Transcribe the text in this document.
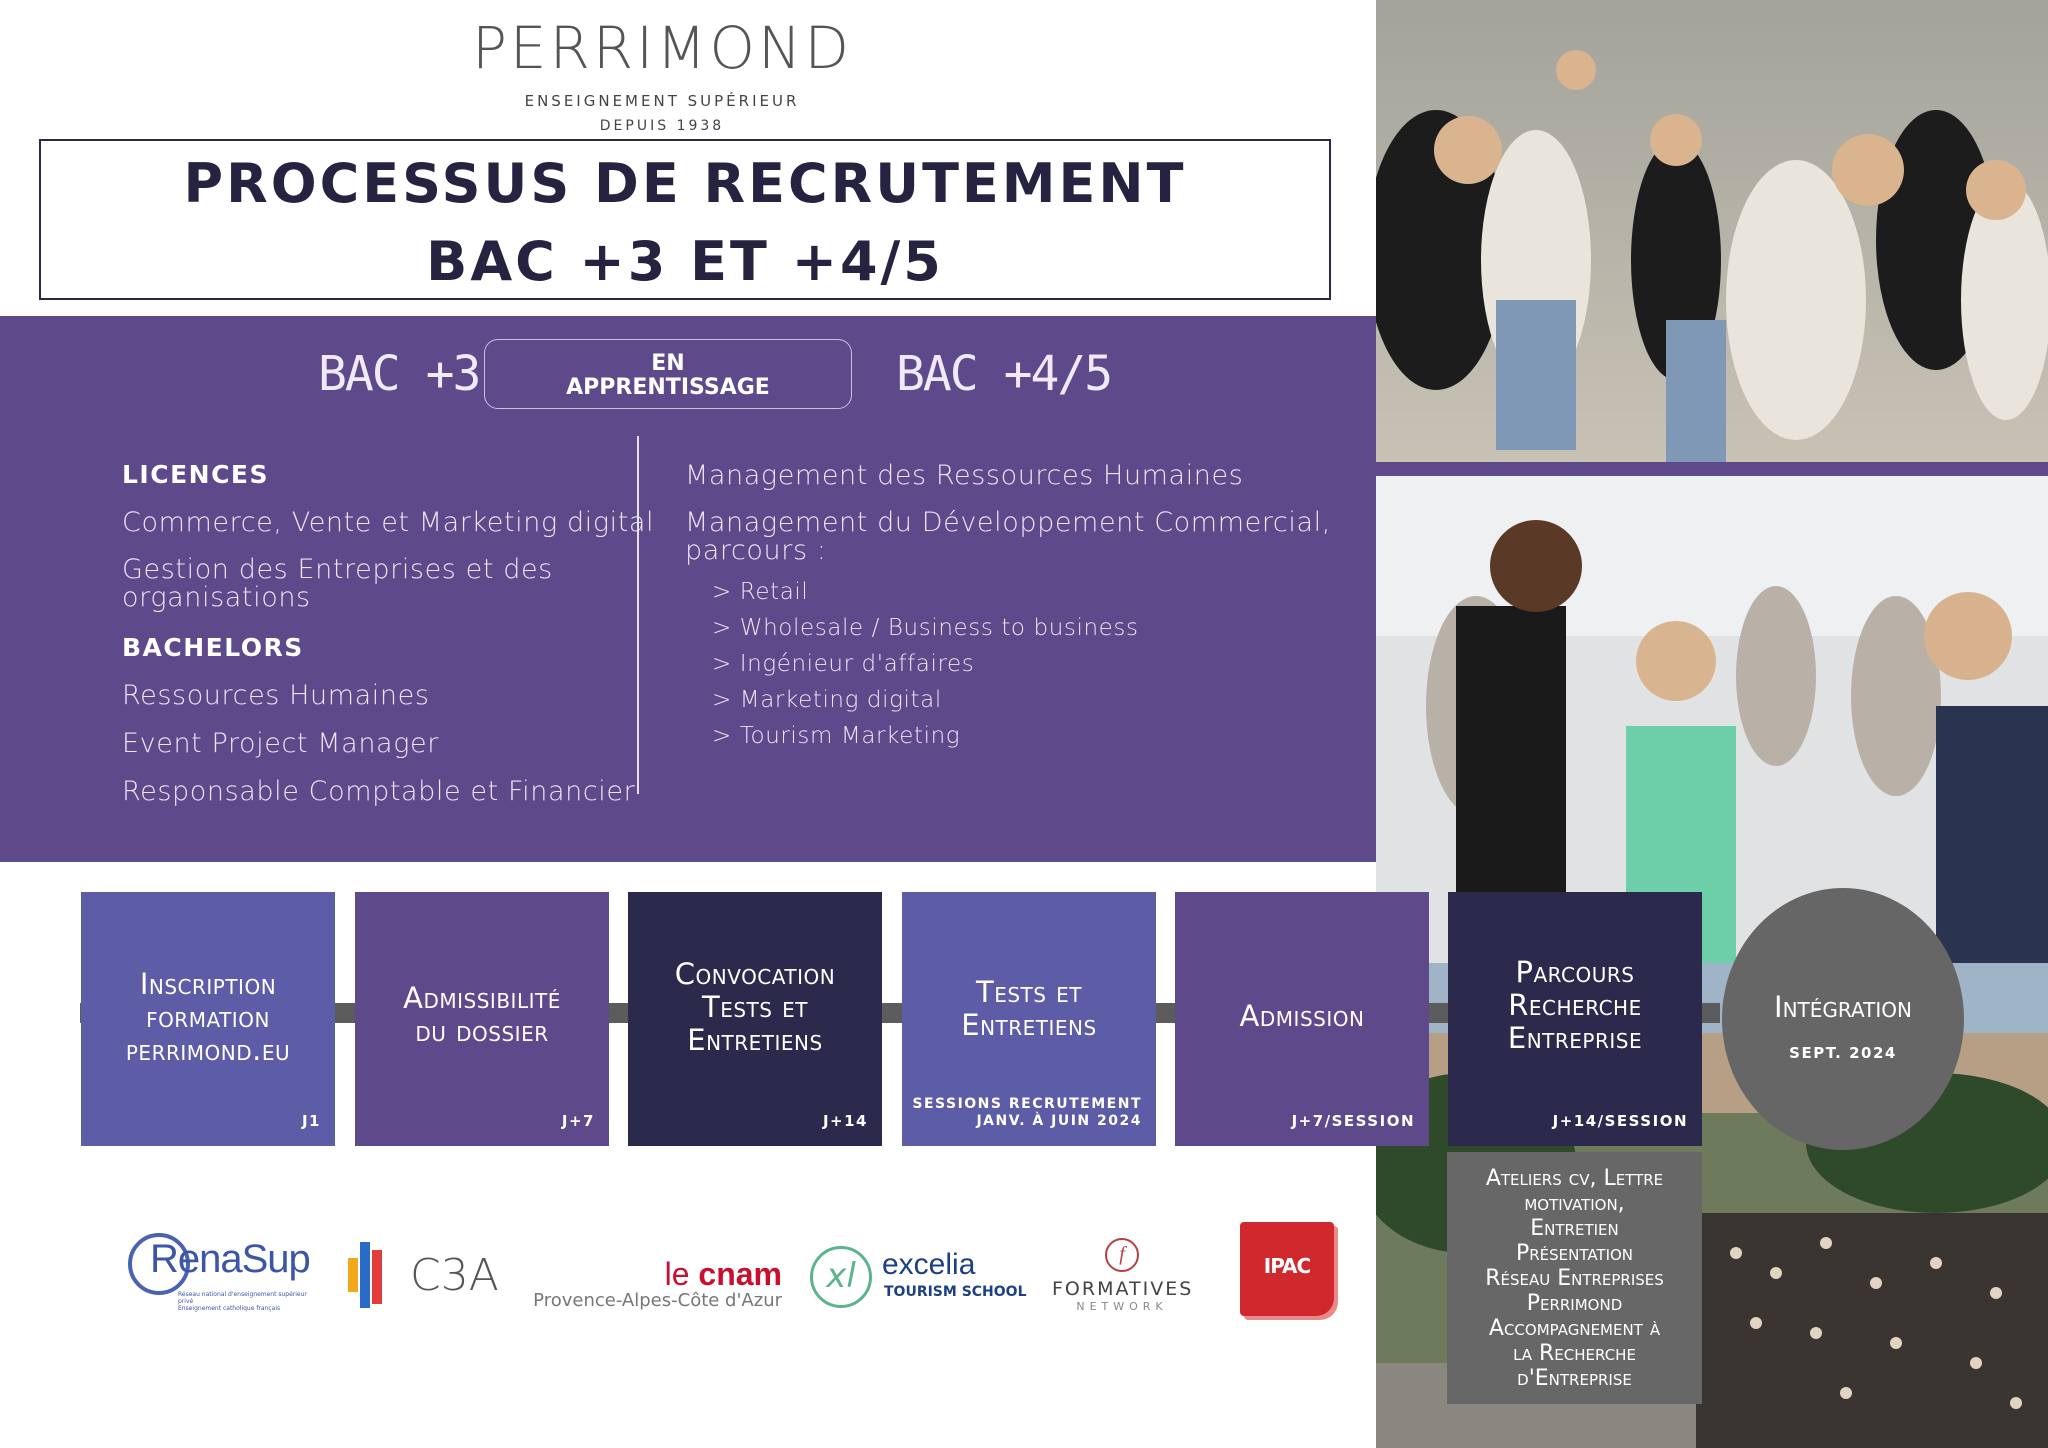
PERRIMOND
ENSEIGNEMENT SUPÉRIEUR
DEPUIS 1938
PROCESSUS DE RECRUTEMENT
BAC +3 ET +4/5
BAC +3	EN
APPRENTISSAGE	BAC +4/5
LICENCES
Commerce, Vente et Marketing digital
Gestion des Entreprises et des
organisations
BACHELORS
Ressources Humaines
Event Project Manager
Responsable Comptable et Financier
Management des Ressources Humaines
Management du Développement Commercial,
parcours :
> Retail
> Wholesale / Business to business
> Ingénieur d'affaires
> Marketing digital
> Tourism Marketing
Inscription
formation
perrimond.eu
J1
Admissibilité
du dossier
J+7
Convocation
Tests et
Entretiens
J+14
Tests et
Entretiens
SESSIONS RECRUTEMENT
JANV. À JUIN 2024
Admission
J+7/SESSION
Parcours
Recherche
Entreprise
J+14/SESSION
Intégration
SEPT. 2024
Ateliers cv, Lettre
motivation,
Entretien
Présentation
Réseau Entreprises
Perrimond
Accompagnement à
la Recherche
d'Entreprise
RenaSup
Réseau national d'enseignement supérieur privé
Enseignement catholique français
C3A	le cnam
Provence-Alpes-Côte d'Azur
xl excelia
TOURISM SCHOOL
f
FORMATIVES
NETWORK
IPAC
